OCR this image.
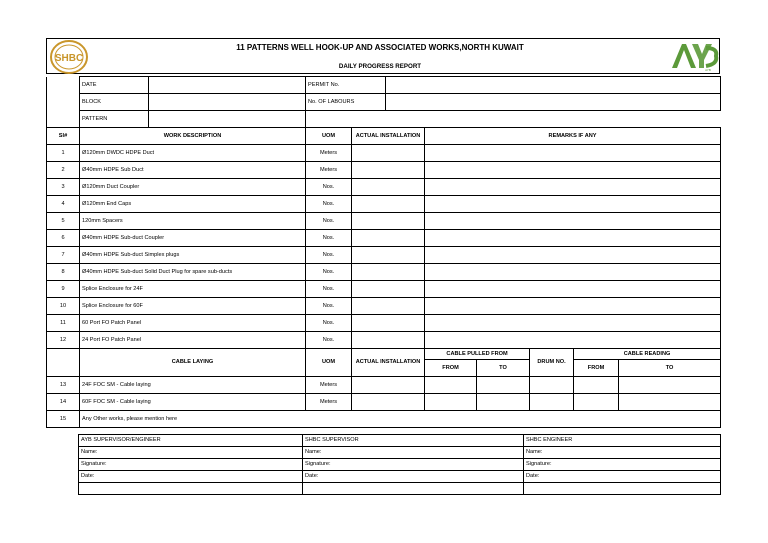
SHBC
AYB
11 PATTERNS WELL HOOK-UP AND ASSOCIATED WORKS,NORTH KUWAIT
DAILY PROGRESS REPORT
	DATE		PERMIT No.								
	BLOCK		No. OF LABOURS								
	PATTERN										
Sl#	WORK DESCRIPTION		UOM	ACTUAL INSTALLATION		REMARKS IF ANY					
1	Ø120mm DWDC HDPE Duct		Meters								
2	Ø40mm HDPE Sub Duct		Meters								
3	Ø120mm Duct Coupler		Nos.								
4	Ø120mm End Caps		Nos.								
5	120mm Spacers		Nos.								
6	Ø40mm HDPE Sub-duct Coupler		Nos.								
7	Ø40mm HDPE Sub-duct Simplex plugs		Nos.								
8	Ø40mm HDPE Sub-duct Solid Duct Plug for spare sub-ducts		Nos.								
9	Splice Enclosure for 24F		Nos.								
10	Splice Enclosure for 60F		Nos.								
11	60 Port FO Patch Panel		Nos.								
12	24 Port FO Patch Panel		Nos.								
	CABLE LAYING		UOM	ACTUAL INSTALLATION		CABLE PULLED FROM		DRUM NO.	CABLE READING	
						FROM	TO		FROM	TO	
13	24F FOC SM - Cable laying		Meters								
14	60F FOC SM - Cable laying		Meters								
15	Any Other works, please mention here										
AYB SUPERVISOR/ENGINEER	SHBC SUPERVISOR	SHBC ENGINEER
Name:	Name:	Name:
Signature:	Signature:	Signature:
Date:	Date:	Date:
